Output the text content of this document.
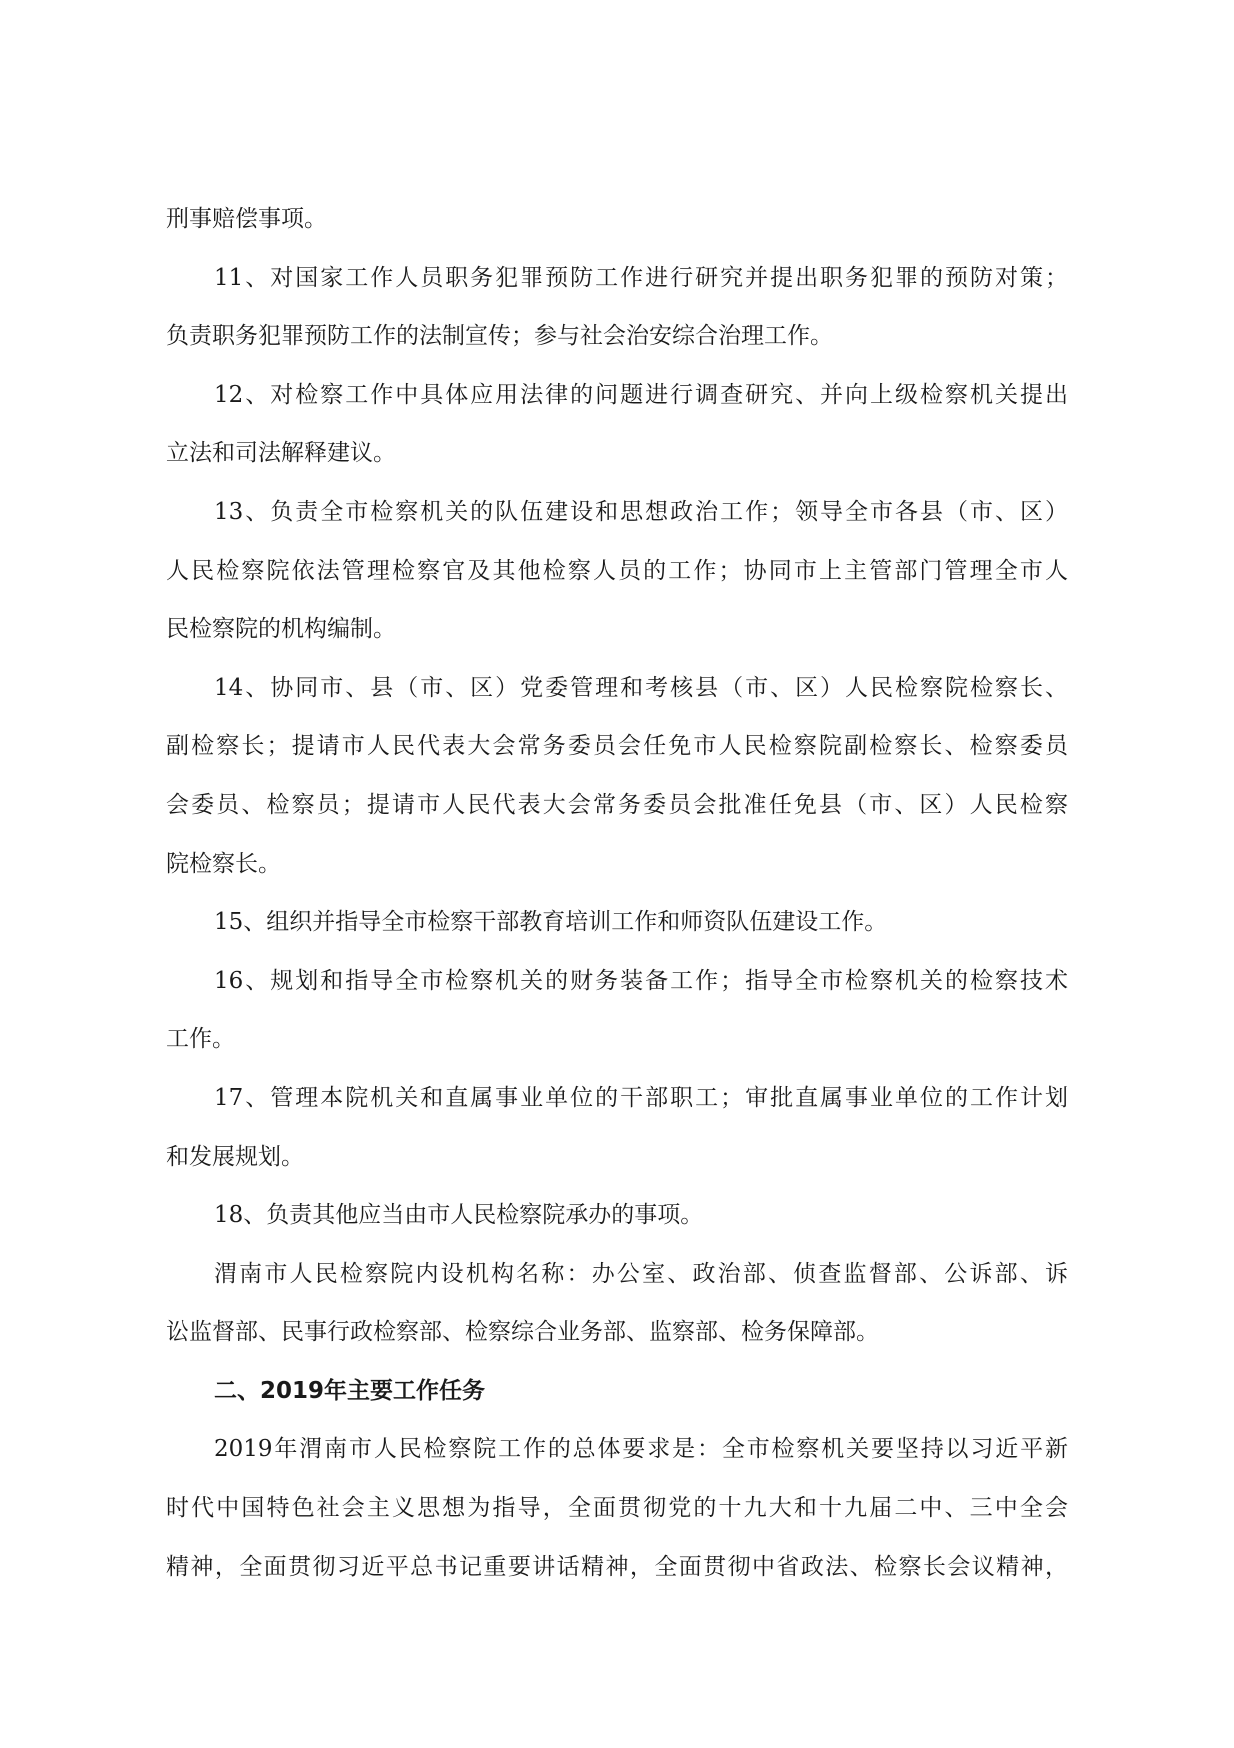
刑事赔偿事项。
11、对国家工作人员职务犯罪预防工作进行研究并提出职务犯罪的预防对策；
负责职务犯罪预防工作的法制宣传；参与社会治安综合治理工作。
12、对检察工作中具体应用法律的问题进行调查研究、并向上级检察机关提出
立法和司法解释建议。
13、负责全市检察机关的队伍建设和思想政治工作；领导全市各县（市、区）
人民检察院依法管理检察官及其他检察人员的工作；协同市上主管部门管理全市人
民检察院的机构编制。
14、协同市、县（市、区）党委管理和考核县（市、区）人民检察院检察长、
副检察长；提请市人民代表大会常务委员会任免市人民检察院副检察长、检察委员
会委员、检察员；提请市人民代表大会常务委员会批准任免县（市、区）人民检察
院检察长。
15、组织并指导全市检察干部教育培训工作和师资队伍建设工作。
16、规划和指导全市检察机关的财务装备工作；指导全市检察机关的检察技术
工作。
17、管理本院机关和直属事业单位的干部职工；审批直属事业单位的工作计划
和发展规划。
18、负责其他应当由市人民检察院承办的事项。
渭南市人民检察院内设机构名称：办公室、政治部、侦查监督部、公诉部、诉
讼监督部、民事行政检察部、检察综合业务部、监察部、检务保障部。
二、2019年主要工作任务
2019年渭南市人民检察院工作的总体要求是：全市检察机关要坚持以习近平新
时代中国特色社会主义思想为指导，全面贯彻党的十九大和十九届二中、三中全会
精神，全面贯彻习近平总书记重要讲话精神，全面贯彻中省政法、检察长会议精神，
